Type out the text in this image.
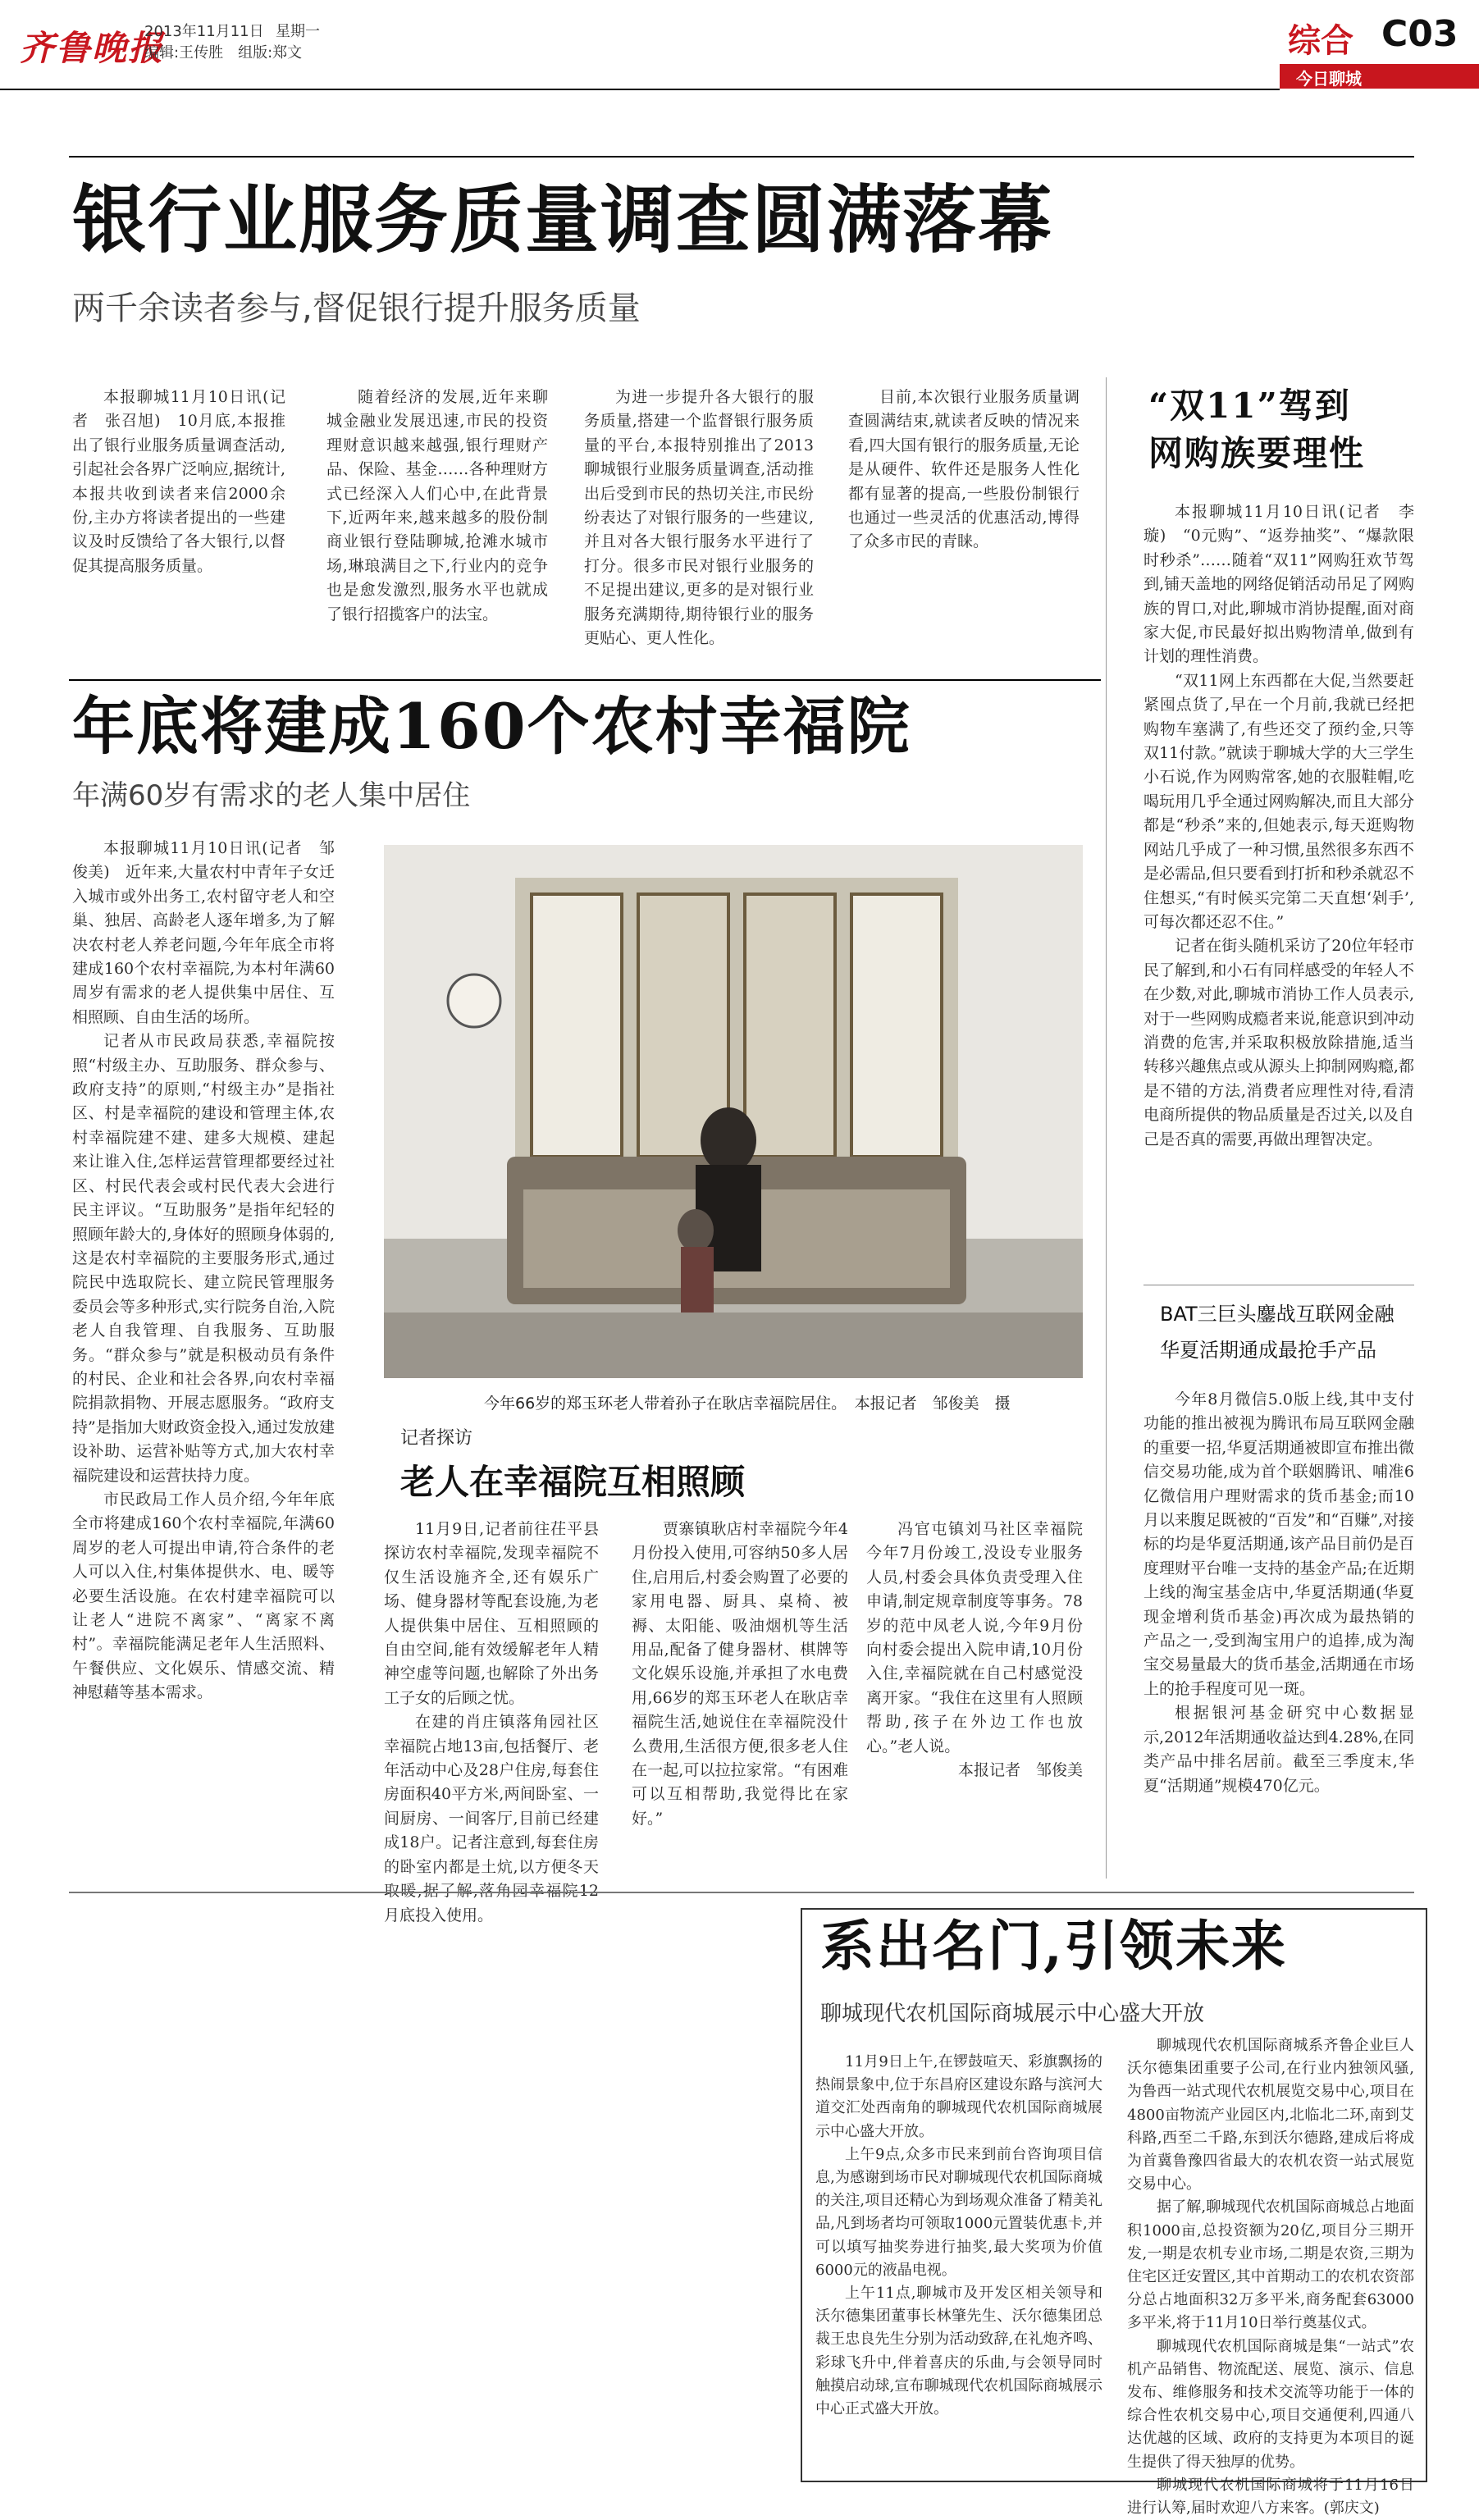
齐鲁晚报
2013年11月11日 星期一
编辑:王传胜　组版:郑文	综合 C03
今日聊城
银行业服务质量调查圆满落幕
两千余读者参与,督促银行提升服务质量

本报聊城11月10日讯(记者　张召旭)　10月底,本报推出了银行业服务质量调查活动,引起社会各界广泛响应,据统计,本报共收到读者来信2000余份,主办方将读者提出的一些建议及时反馈给了各大银行,以督促其提高服务质量。

随着经济的发展,近年来聊城金融业发展迅速,市民的投资理财意识越来越强,银行理财产品、保险、基金……各种理财方式已经深入人们心中,在此背景下,近两年来,越来越多的股份制商业银行登陆聊城,抢滩水城市场,琳琅满目之下,行业内的竞争也是愈发激烈,服务水平也就成了银行招揽客户的法宝。

为进一步提升各大银行的服务质量,搭建一个监督银行服务质量的平台,本报特别推出了2013聊城银行业服务质量调查,活动推出后受到市民的热切关注,市民纷纷表达了对银行服务的一些建议,并且对各大银行服务水平进行了打分。很多市民对银行业服务的不足提出建议,更多的是对银行业服务充满期待,期待银行业的服务更贴心、更人性化。

目前,本次银行业服务质量调查圆满结束,就读者反映的情况来看,四大国有银行的服务质量,无论是从硬件、软件还是服务人性化都有显著的提高,一些股份制银行也通过一些灵活的优惠活动,博得了众多市民的青睐。

年底将建成160个农村幸福院
年满60岁有需求的老人集中居住

本报聊城11月10日讯(记者　邹俊美)　近年来,大量农村中青年子女迁入城市或外出务工,农村留守老人和空巢、独居、高龄老人逐年增多,为了解决农村老人养老问题,今年年底全市将建成160个农村幸福院,为本村年满60周岁有需求的老人提供集中居住、互相照顾、自由生活的场所。

记者从市民政局获悉,幸福院按照“村级主办、互助服务、群众参与、政府支持”的原则,“村级主办”是指社区、村是幸福院的建设和管理主体,农村幸福院建不建、建多大规模、建起来让谁入住,怎样运营管理都要经过社区、村民代表会或村民代表大会进行民主评议。“互助服务”是指年纪轻的照顾年龄大的,身体好的照顾身体弱的,这是农村幸福院的主要服务形式,通过院民中选取院长、建立院民管理服务委员会等多种形式,实行院务自治,入院老人自我管理、自我服务、互助服务。“群众参与”就是积极动员有条件的村民、企业和社会各界,向农村幸福院捐款捐物、开展志愿服务。“政府支持”是指加大财政资金投入,通过发放建设补助、运营补贴等方式,加大农村幸福院建设和运营扶持力度。

市民政局工作人员介绍,今年年底全市将建成160个农村幸福院,年满60周岁的老人可提出申请,符合条件的老人可以入住,村集体提供水、电、暖等必要生活设施。在农村建幸福院可以让老人“进院不离家”、“离家不离村”。幸福院能满足老年人生活照料、午餐供应、文化娱乐、情感交流、精神慰藉等基本需求。

今年66岁的郑玉环老人带着孙子在耿店幸福院居住。　本报记者　邹俊美　摄
记者探访
老人在幸福院互相照顾

11月9日,记者前往茌平县探访农村幸福院,发现幸福院不仅生活设施齐全,还有娱乐广场、健身器材等配套设施,为老人提供集中居住、互相照顾的自由空间,能有效缓解老年人精神空虚等问题,也解除了外出务工子女的后顾之忧。

在建的肖庄镇落角园社区幸福院占地13亩,包括餐厅、老年活动中心及28户住房,每套住房面积40平方米,两间卧室、一间厨房、一间客厅,目前已经建成18户。记者注意到,每套住房的卧室内都是土炕,以方便冬天 月底投入使用。

贾寨镇耿店村幸福院今年4月份投入使用,可容纳50多人居住,启用后,村委会购置了必要的家用电器、厨具、桌椅、被褥、太阳能、吸油烟机等生活用品,配备了健身器材、棋牌等文化娱乐设施,并承担了水电费用,66岁的郑玉环老人在耿店幸福院生活,她说住在幸福院没什么费用,生活很方便,很多老人住在一起,可以拉拉家常。“有困难可以互相帮助,我觉得比在家好。”

冯官屯镇刘马社区幸福院今年7月份竣工,没设专业服务人员,村委会具体负责受理入住申请,制定规章制度等事务。78岁的范中凤老人说,今年9月份向村委会提出入院申请,10月份入住,幸福院就在自己村感觉没离开家。“我住在这里有人照顾帮助,孩子在外边工作也放心。”老人说。

本报记者　邹俊美

“双11”驾到
网购族要理性

本报聊城11月10日讯(记者　李璇)　“0元购”、“返券抽奖”、“爆款限时秒杀”……随着“双11”网购狂欢节驾到,铺天盖地的网络促销活动吊足了网购族的胃口,对此,聊城市消协提醒,面对商家大促,市民最好拟出购物清单,做到有计划的理性消费。

“双11网上东西都在大促,当然要赶紧囤点货了,早在一个月前,我就已经把购物车塞满了,有些还交了预约金,只等双11付款。”就读于聊城大学的大三学生小石说,作为网购常客,她的衣服鞋帽,吃喝玩用几乎全通过网购解决,而且大部分都是“秒杀”来的,但她表示,每天逛购物网站几乎成了一种习惯,虽然很多东西不是必需品,但只要看到打折和秒杀就忍不住想买,“有时候买完第二天直想‘剁手’,可每次都还忍不住。”

记者在街头随机采访了20位年轻市民了解到,和小石有同样感受的年轻人不在少数,对此,聊城市消协工作人员表示,对于一些网购成瘾者来说,能意识到冲动消费的危害,并采取积极放除措施,适当转移兴趣焦点或从源头上抑制网购瘾,都是不错的方法,消费者应理性对待,看清电商所提供的物品质量是否过关,以及自己是否真的需要,再做出理智决定。

BAT三巨头鏖战互联网金融
华夏活期通成最抢手产品

今年8月微信5.0版上线,其中支付功能的推出被视为腾讯布局互联网金融的重要一招,华夏活期通被即宣布推出微信交易功能,成为首个联姻腾讯、哺准6亿微信用户理财需求的货币基金;而10月以来腹足既被的“百发”和“百赚”,对接标的均是华夏活期通,该产品目前仍是百度理财平台唯一支持的基金产品;在近期上线的淘宝基金店中,华夏活期通(华夏现金增利货币基金)再次成为最热销的产品之一,受到淘宝用户的追捧,成为淘宝交易量最大的货币基金,活期通在市场上的抢手程度可见一斑。

根据银河基金研究中心数据显示,2012年活期通收益达到4.28%,在同类产品中排名居前。截至三季度末,华夏“活期通”规模470亿元。

系出名门,引领未来
聊城现代农机国际商城展示中心盛大开放

11月9日上午,在锣鼓喧天、彩旗飘扬的热闹景象中,位于东昌府区建设东路与滨河大道交汇处西南角的聊城现代农机国际商城展示中心盛大开放。

上午9点,众多市民来到前台咨询项目信息,为感谢到场市民对聊城现代农机国际商城的关注,项目还精心为到场观众准备了精美礼品,凡到场者均可领取1000元置装优惠卡,并可以填写抽奖券进行抽奖,最大奖项为价值6000元的液晶电视。

上午11点,聊城市及开发区相关领导和沃尔德集团董事长林肇先生、沃尔德集团总裁王忠良先生分别为活动致辞,在礼炮齐鸣、彩球飞升中,伴着喜庆的乐曲,与会领导同时触摸启动球,宣布聊城现代农机国际商城展示中心正式盛大开放。

聊城现代农机国际商城系齐鲁企业巨人沃尔德集团重要子公司,在行业内独领风骚,为鲁西一站式现代农机展览交易中心,项目在4800亩物流产业园区内,北临北二环,南到艾科路,西至二千路,东到沃尔德路,建成后将成为首冀鲁豫四省最大的农机农资一站式展览交易中心。

据了解,聊城现代农机国际商城总占地面积1000亩,总投资额为20亿,项目分三期开发,一期是农机专业市场,二期是农资,三期为住宅区迁安置区,其中首期动工的农机农资部分总占地面积32万多平米,商务配套63000多平米,将于11月10日举行奠基仪式。

聊城现代农机国际商城是集“一站式”农机产品销售、物流配送、展览、演示、信息发布、维修服务和技术交流等功能于一体的综合性农机交易中心,项目交通便利,四通八达优越的区域、政府的支持更为本项目的诞生提供了得天独厚的优势。

聊城现代农机国际商城将于11月16日进行认筹,届时欢迎八方来客。(郭庆文)
